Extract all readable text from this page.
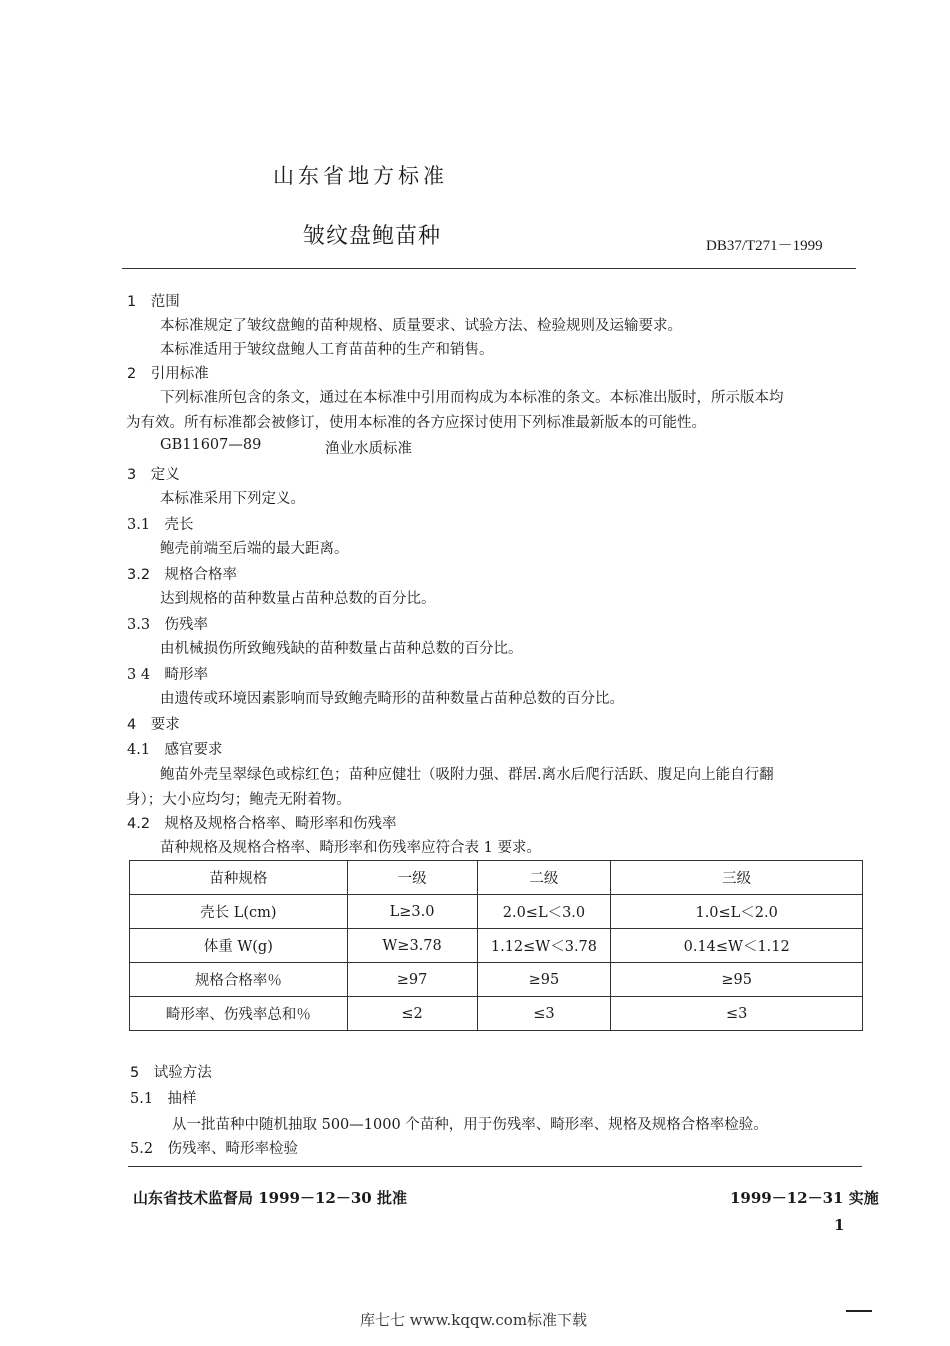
山东省地方标准
皱纹盘鲍苗种	DB37/T271－1999
1　范围
本标准规定了皱纹盘鲍的苗种规格、质量要求、试验方法、检验规则及运输要求。
本标准适用于皱纹盘鲍人工育苗苗种的生产和销售。
2　引用标准
下列标准所包含的条文，通过在本标准中引用而构成为本标准的条文。本标准出版时，所示版本均
为有效。所有标准都会被修订，使用本标准的各方应探讨使用下列标准最新版本的可能性。
GB11607—89	渔业水质标准
3　定义
本标准采用下列定义。
3.1　壳长
鲍壳前端至后端的最大距离。
3.2　规格合格率
达到规格的苗种数量占苗种总数的百分比。
3.3　伤残率
由机械损伤所致鲍残缺的苗种数量占苗种总数的百分比。
3 4　畸形率
由遗传或环境因素影响而导致鲍壳畸形的苗种数量占苗种总数的百分比。
4　要求
4.1　感官要求
鲍苗外壳呈翠绿色或棕红色；苗种应健壮（吸附力强、群居.离水后爬行活跃、腹足向上能自行翻
身）；大小应均匀；鲍壳无附着物。
4.2　规格及规格合格率、畸形率和伤残率
苗种规格及规格合格率、畸形率和伤残率应符合表 1 要求。
苗种规格	一级	二级	三级
壳长 L(cm)	L≥3.0	2.0≤L＜3.0	1.0≤L＜2.0
体重 W(g)	W≥3.78	1.12≤W＜3.78	0.14≤W＜1.12
规格合格率％	≥97	≥95	≥95
畸形率、伤残率总和％	≤2	≤3	≤3
5　试验方法
5.1　抽样
从一批苗种中随机抽取 500—1000 个苗种，用于伤残率、畸形率、规格及规格合格率检验。
5.2　伤残率、畸形率检验
山东省技术监督局 1999－12－30 批准	1999－12－31 实施
1
库七七 www.kqqw.com标准下载
